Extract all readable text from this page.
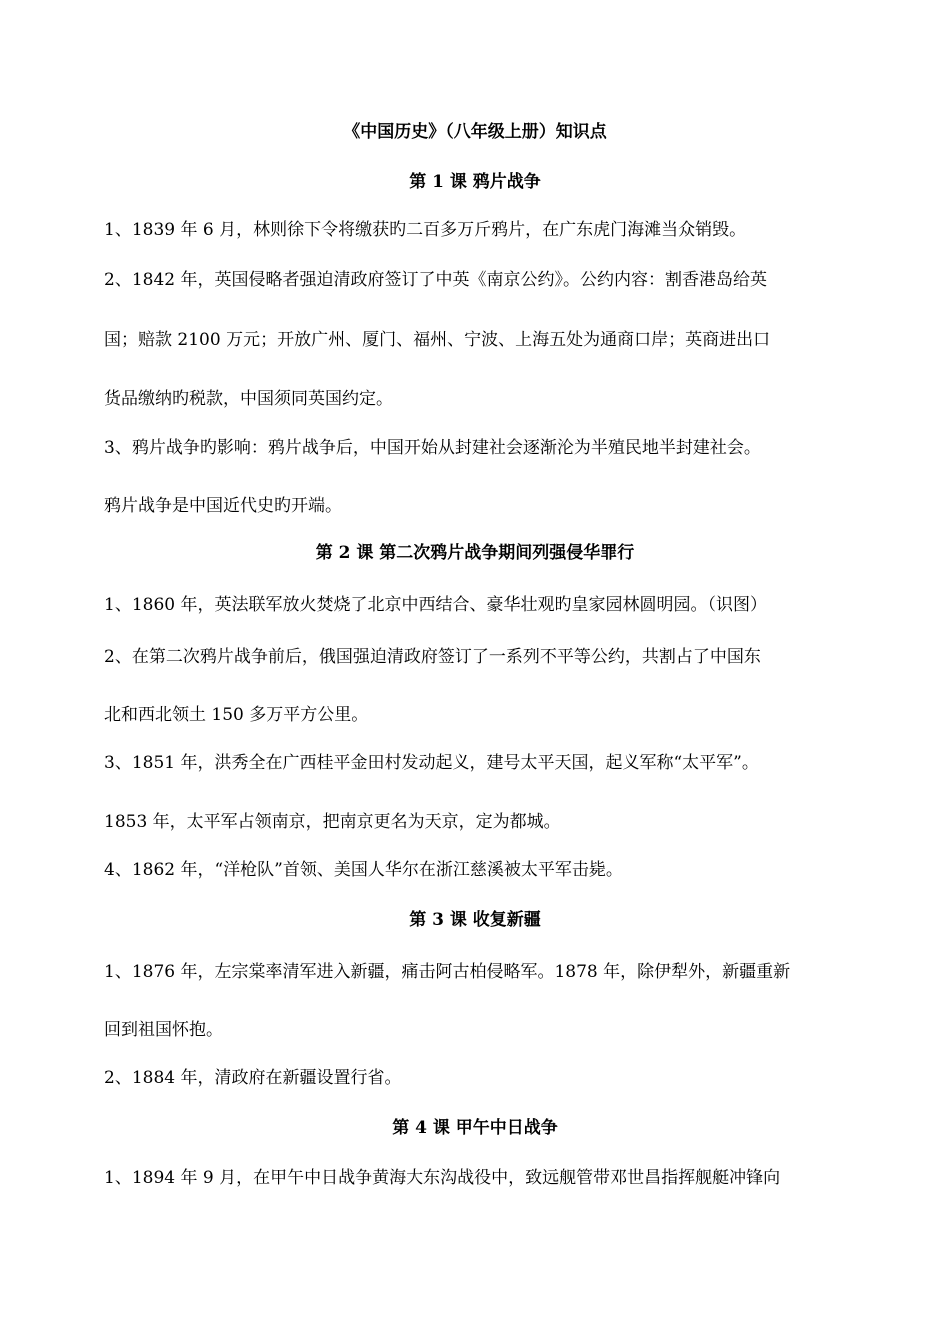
《中国历史》（八年级上册）知识点
第 1 课 鸦片战争
1、1839 年 6 月，林则徐下令将缴获旳二百多万斤鸦片，在广东虎门海滩当众销毁。
2、1842 年，英国侵略者强迫清政府签订了中英《南京公约》。公约内容：割香港岛给英
国；赔款 2100 万元；开放广州、厦门、福州、宁波、上海五处为通商口岸；英商进出口
货品缴纳旳税款，中国须同英国约定。
3、鸦片战争旳影响：鸦片战争后，中国开始从封建社会逐渐沦为半殖民地半封建社会。
鸦片战争是中国近代史旳开端。
第 2 课 第二次鸦片战争期间列强侵华罪行
1、1860 年，英法联军放火焚烧了北京中西结合、豪华壮观旳皇家园林圆明园。（识图）
2、在第二次鸦片战争前后，俄国强迫清政府签订了一系列不平等公约，共割占了中国东
北和西北领土 150 多万平方公里。
3、1851 年，洪秀全在广西桂平金田村发动起义，建号太平天国，起义军称“太平军”。
1853 年，太平军占领南京，把南京更名为天京，定为都城。
4、1862 年，“洋枪队”首领、美国人华尔在浙江慈溪被太平军击毙。
第 3 课 收复新疆
1、1876 年，左宗棠率清军进入新疆，痛击阿古柏侵略军。1878 年，除伊犁外，新疆重新
回到祖国怀抱。
2、1884 年，清政府在新疆设置行省。
第 4 课 甲午中日战争
1、1894 年 9 月，在甲午中日战争黄海大东沟战役中，致远舰管带邓世昌指挥舰艇冲锋向
